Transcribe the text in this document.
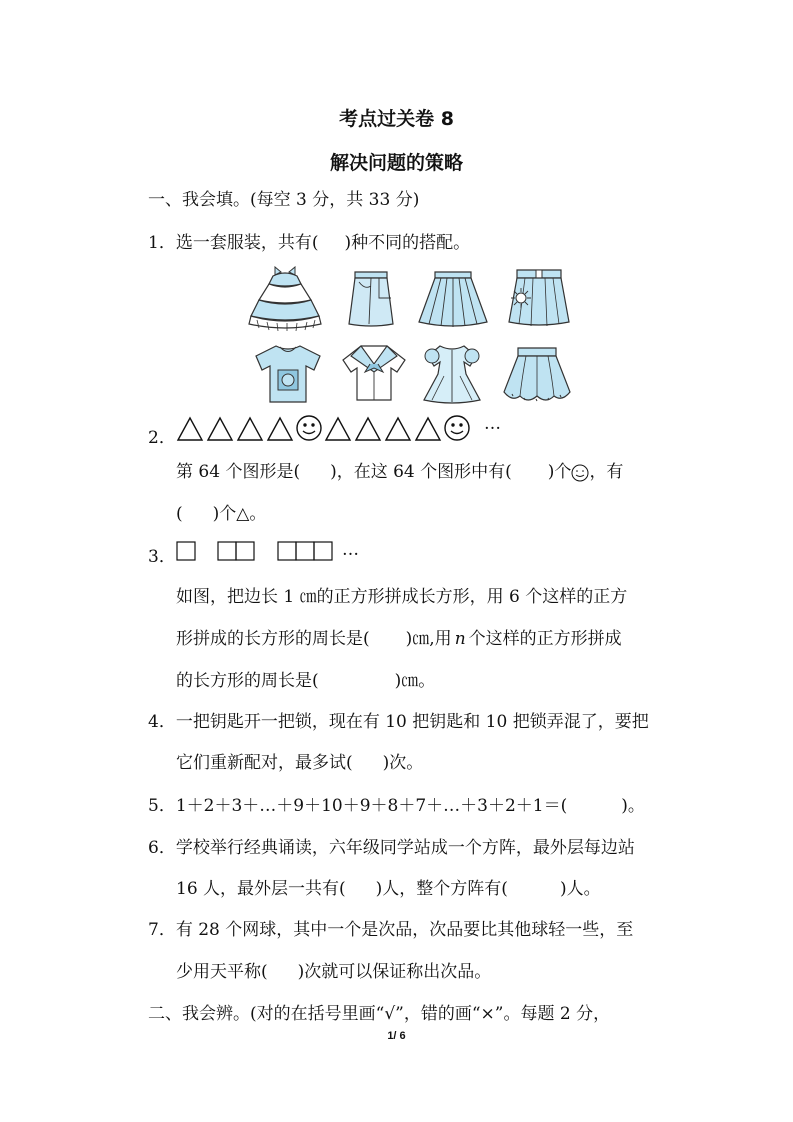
考点过关卷 8
解决问题的策略
一、我会填。(每空 3 分，共 33 分)
1．选一套服装，共有( )种不同的搭配。
2．
…
第 64 个图形是( )，在这 64 个图形中有( )个 ，有
( )个△。
3．	…
如图，把边长 1 ㎝的正方形拼成长方形，用 6 个这样的正方
形拼成的长方形的周长是( )㎝,用 n 个这样的正方形拼成
的长方形的周长是(	)㎝。
4．一把钥匙开一把锁，现在有 10 把钥匙和 10 把锁弄混了，要把
它们重新配对，最多试( )次。
5．1＋2＋3＋…＋9＋10＋9＋8＋7＋…＋3＋2＋1＝(	)。
6．学校举行经典诵读，六年级同学站成一个方阵，最外层每边站
16 人，最外层一共有( )人，整个方阵有(	)人。
7．有 28 个网球，其中一个是次品，次品要比其他球轻一些，至
少用天平称( )次就可以保证称出次品。
二、我会辨。(对的在括号里画“√”，错的画“×”。每题 2 分，
1/ 6
